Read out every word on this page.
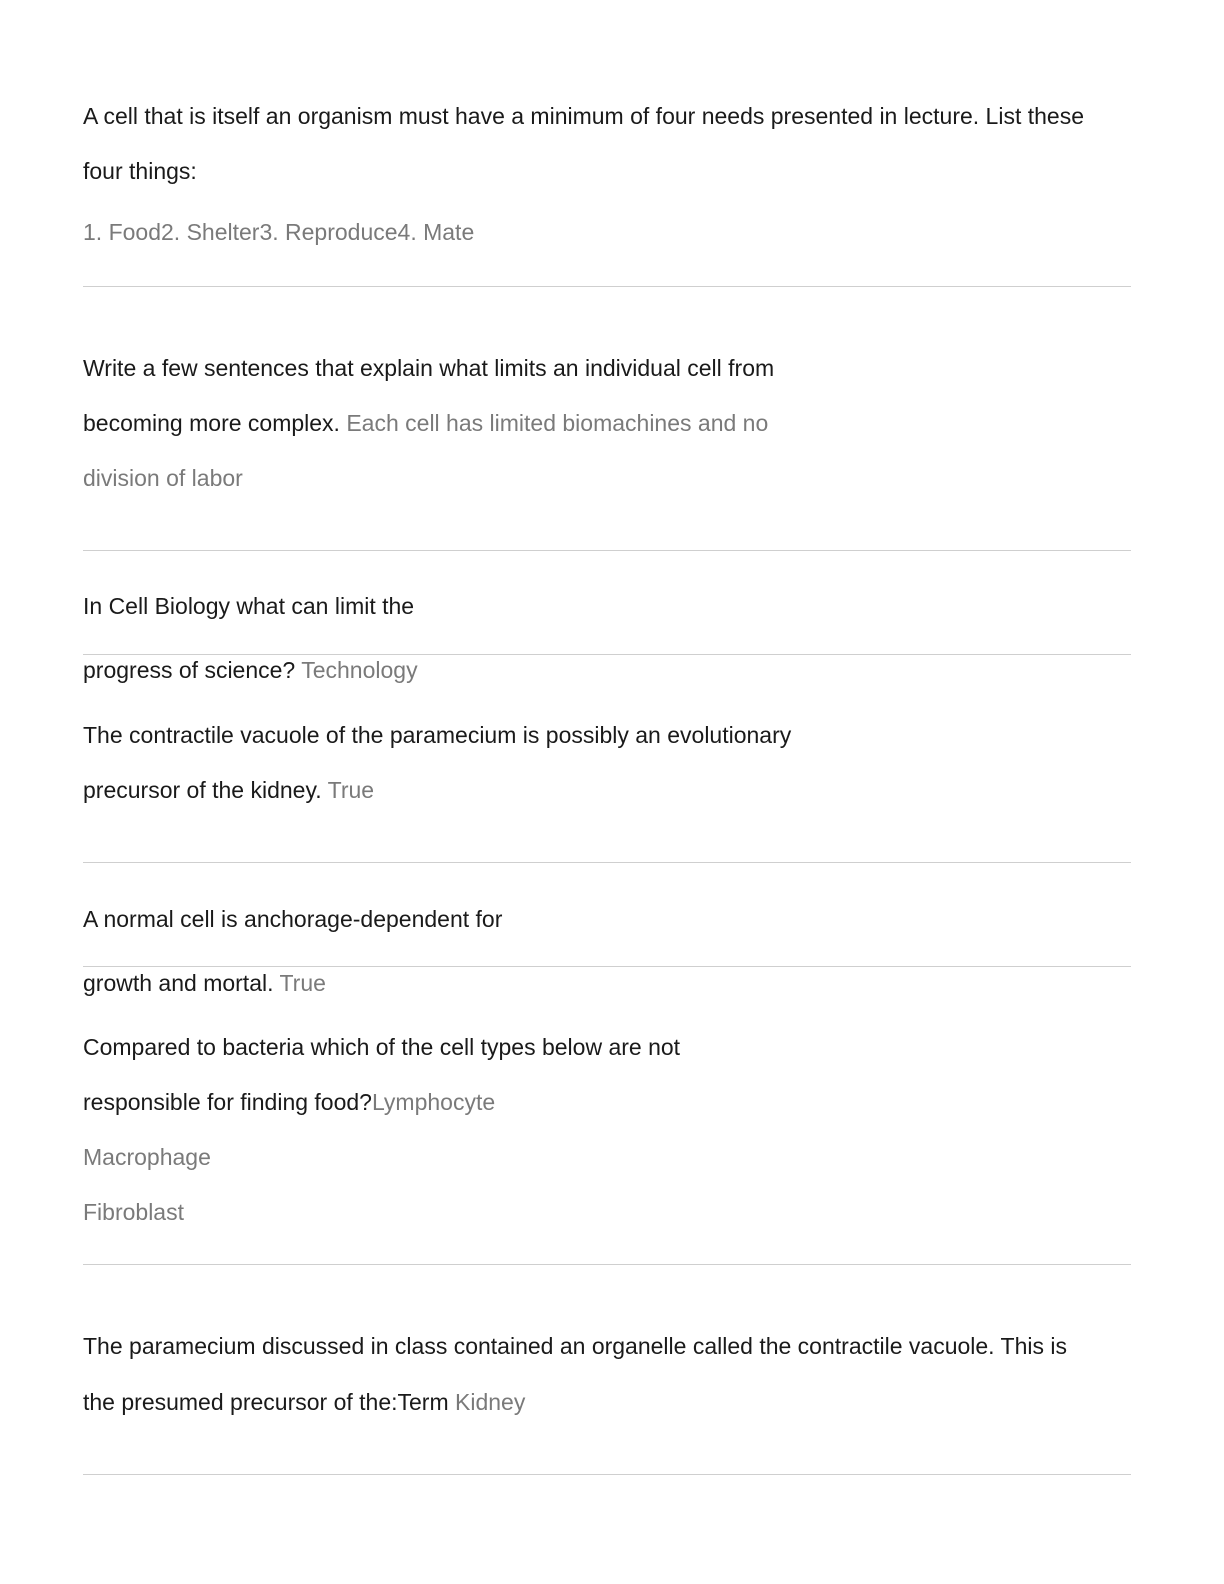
A cell that is itself an organism must have a minimum of four needs presented in lecture. List these

four things:

1. Food2. Shelter3. Reproduce4. Mate

Write a few sentences that explain what limits an individual cell from

becoming more complex. Each cell has limited biomachines and no

division of labor

In Cell Biology what can limit the

progress of science? Technology

The contractile vacuole of the paramecium is possibly an evolutionary

precursor of the kidney. True

A normal cell is anchorage-dependent for

growth and mortal. True

Compared to bacteria which of the cell types below are not

responsible for finding food?Lymphocyte

Macrophage

Fibroblast

The paramecium discussed in class contained an organelle called the contractile vacuole. This is

the presumed precursor of the:Term Kidney
